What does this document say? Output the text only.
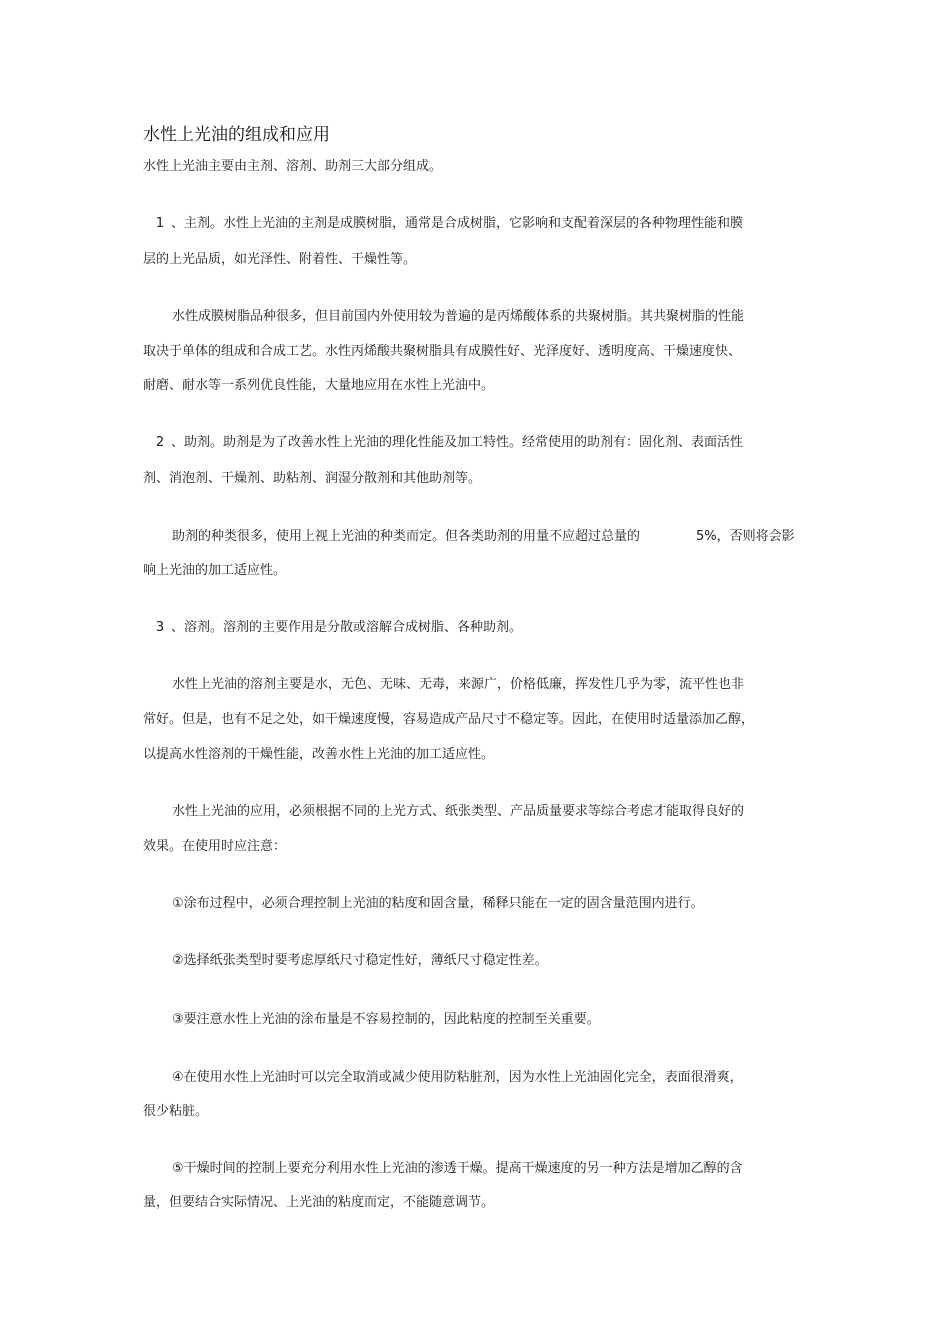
水性上光油的组成和应用
水性上光油主要由主剂、溶剂、助剂三大部分组成。
1 、主剂。水性上光油的主剂是成膜树脂，通常是合成树脂，它影响和支配着深层的各种物理性能和膜
层的上光品质，如光泽性、附着性、干燥性等。
水性成膜树脂品种很多，但目前国内外使用较为普遍的是丙烯酸体系的共聚树脂。其共聚树脂的性能
取决于单体的组成和合成工艺。水性丙烯酸共聚树脂具有成膜性好、光泽度好、透明度高、干燥速度快、
耐磨、耐水等一系列优良性能，大量地应用在水性上光油中。
2 、助剂。助剂是为了改善水性上光油的理化性能及加工特性。经常使用的助剂有：固化剂、表面活性
剂、消泡剂、干燥剂、助粘剂、润湿分散剂和其他助剂等。
助剂的种类很多，使用上视上光油的种类而定。但各类助剂的用量不应超过总量的	5%，否则将会影
响上光油的加工适应性。
3 、溶剂。溶剂的主要作用是分散或溶解合成树脂、各种助剂。
水性上光油的溶剂主要是水，无色、无味、无毒，来源广，价格低廉，挥发性几乎为零，流平性也非
常好。但是，也有不足之处，如干燥速度慢，容易造成产品尺寸不稳定等。因此，在使用时适量添加乙醇，
以提高水性溶剂的干燥性能，改善水性上光油的加工适应性。
水性上光油的应用，必须根据不同的上光方式、纸张类型、产品质量要求等综合考虑才能取得良好的
效果。在使用时应注意：
①涂布过程中，必须合理控制上光油的粘度和固含量，稀释只能在一定的固含量范围内进行。
②选择纸张类型时要考虑厚纸尺寸稳定性好，薄纸尺寸稳定性差。
③要注意水性上光油的涂布量是不容易控制的，因此粘度的控制至关重要。
④在使用水性上光油时可以完全取消或减少使用防粘脏剂，因为水性上光油固化完全，表面很滑爽，
很少粘脏。
⑤干燥时间的控制上要充分利用水性上光油的渗透干燥。提高干燥速度的另一种方法是增加乙醇的含
量，但要结合实际情况、上光油的粘度而定，不能随意调节。
